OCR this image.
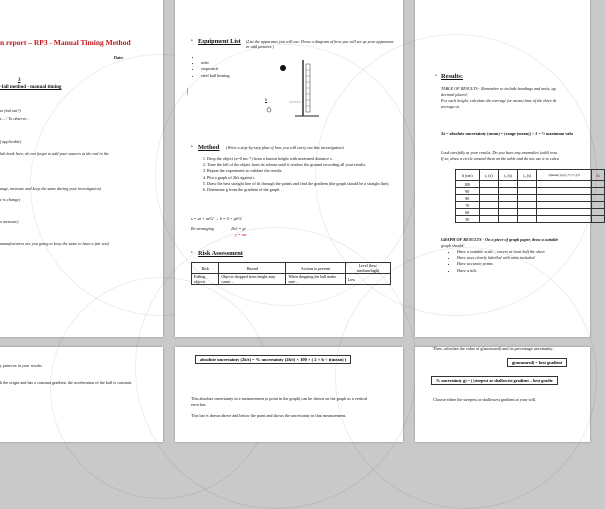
n report – RP3 - Manual Timing Method
Date:
3
-fall method - manual timing
to find out?)
e... / To observe...
f applicable)
lab book here; do not forget to add your sources at the end in the
ange, measure and keep the same during your investigation)
e is change)
o measure)
manufacturers are you going to keep the same to have a fair test)
• Equipment List (List the apparatus you will use. Draw a diagram of how you will set up your apparatus or add pictures.)
•
• ruler
• stopwatch
• steel ball bearing
|
h
• Method (Write a step-by-step plan of how you will carry out this investigation)
1. Drop the object (a=0 ms⁻¹) from a known height with measured distance s.
2. Time the fall of the object from its release until it reaches the ground recording all your results.
3. Repeat the experiment to validate the results.
4. Plot a graph of 2h/t against t.
5. Draw the best straight line of fit through the points and find the gradient (the graph should be a straight line).
6. Determine g from the gradient of the graph.
s = ut + at²/2 → h = 0 + gt²/2
Re-arranging	2h/t = gt
y = mx
• Risk Assessment
Risk	Hazard	Actions to prevent	Level (low/ medium/high)
Falling objects	Objects dropped from height may cause ...	When dropping the ball make sure ...	Low
• Results:
TABLE OF RESULTS - Remember to include headings and units, ag
decimal places!
For each height, calculate the average (or mean) time of the three dr
average ut.
Δt = absolute uncertainty (mean) = (range (mean)) ÷ 2 = ½ maximum valu
Look carefully at your results. Do you have any anomalies (odd) resu
If so, draw a circle around them on the table and do not use it to calcu
h (cm)	t₁ (s)	t₂ (s)	t₃ (s)	t(mean) (s) (t₁+t₂+t₃)/3	Δt
100					
90					
80					
70					
60					
50					
GRAPH OF RESULTS - On a piece of graph paper, draw a suitable
graph should:
• Have a suitable scale – covers at least half the sheet
• Have axes clearly labelled with units included.
• Have accurate points
• Have a title.
y patterns in your results.
h the origin and has a constant gradient, the acceleration of the ball is constant.
absolute uncertainty (2h/t) = % uncertainty (2h/t) × 100 × ( 2 × h ÷ t(mean) )
This absolute uncertainty in a measurement (a point in the graph) can be shown on the graph as a vertical
error bar.
This bar is drawn above and below the point and shows the uncertainty in that measurement.
Then, calculate the value of g(measured) and its percentage uncertainty:
g(measured) = best gradient
% uncertainty g) = ( |steepest or shallowest gradient – best gradie
Choose either the steepest or shallowest gradient at your will.
